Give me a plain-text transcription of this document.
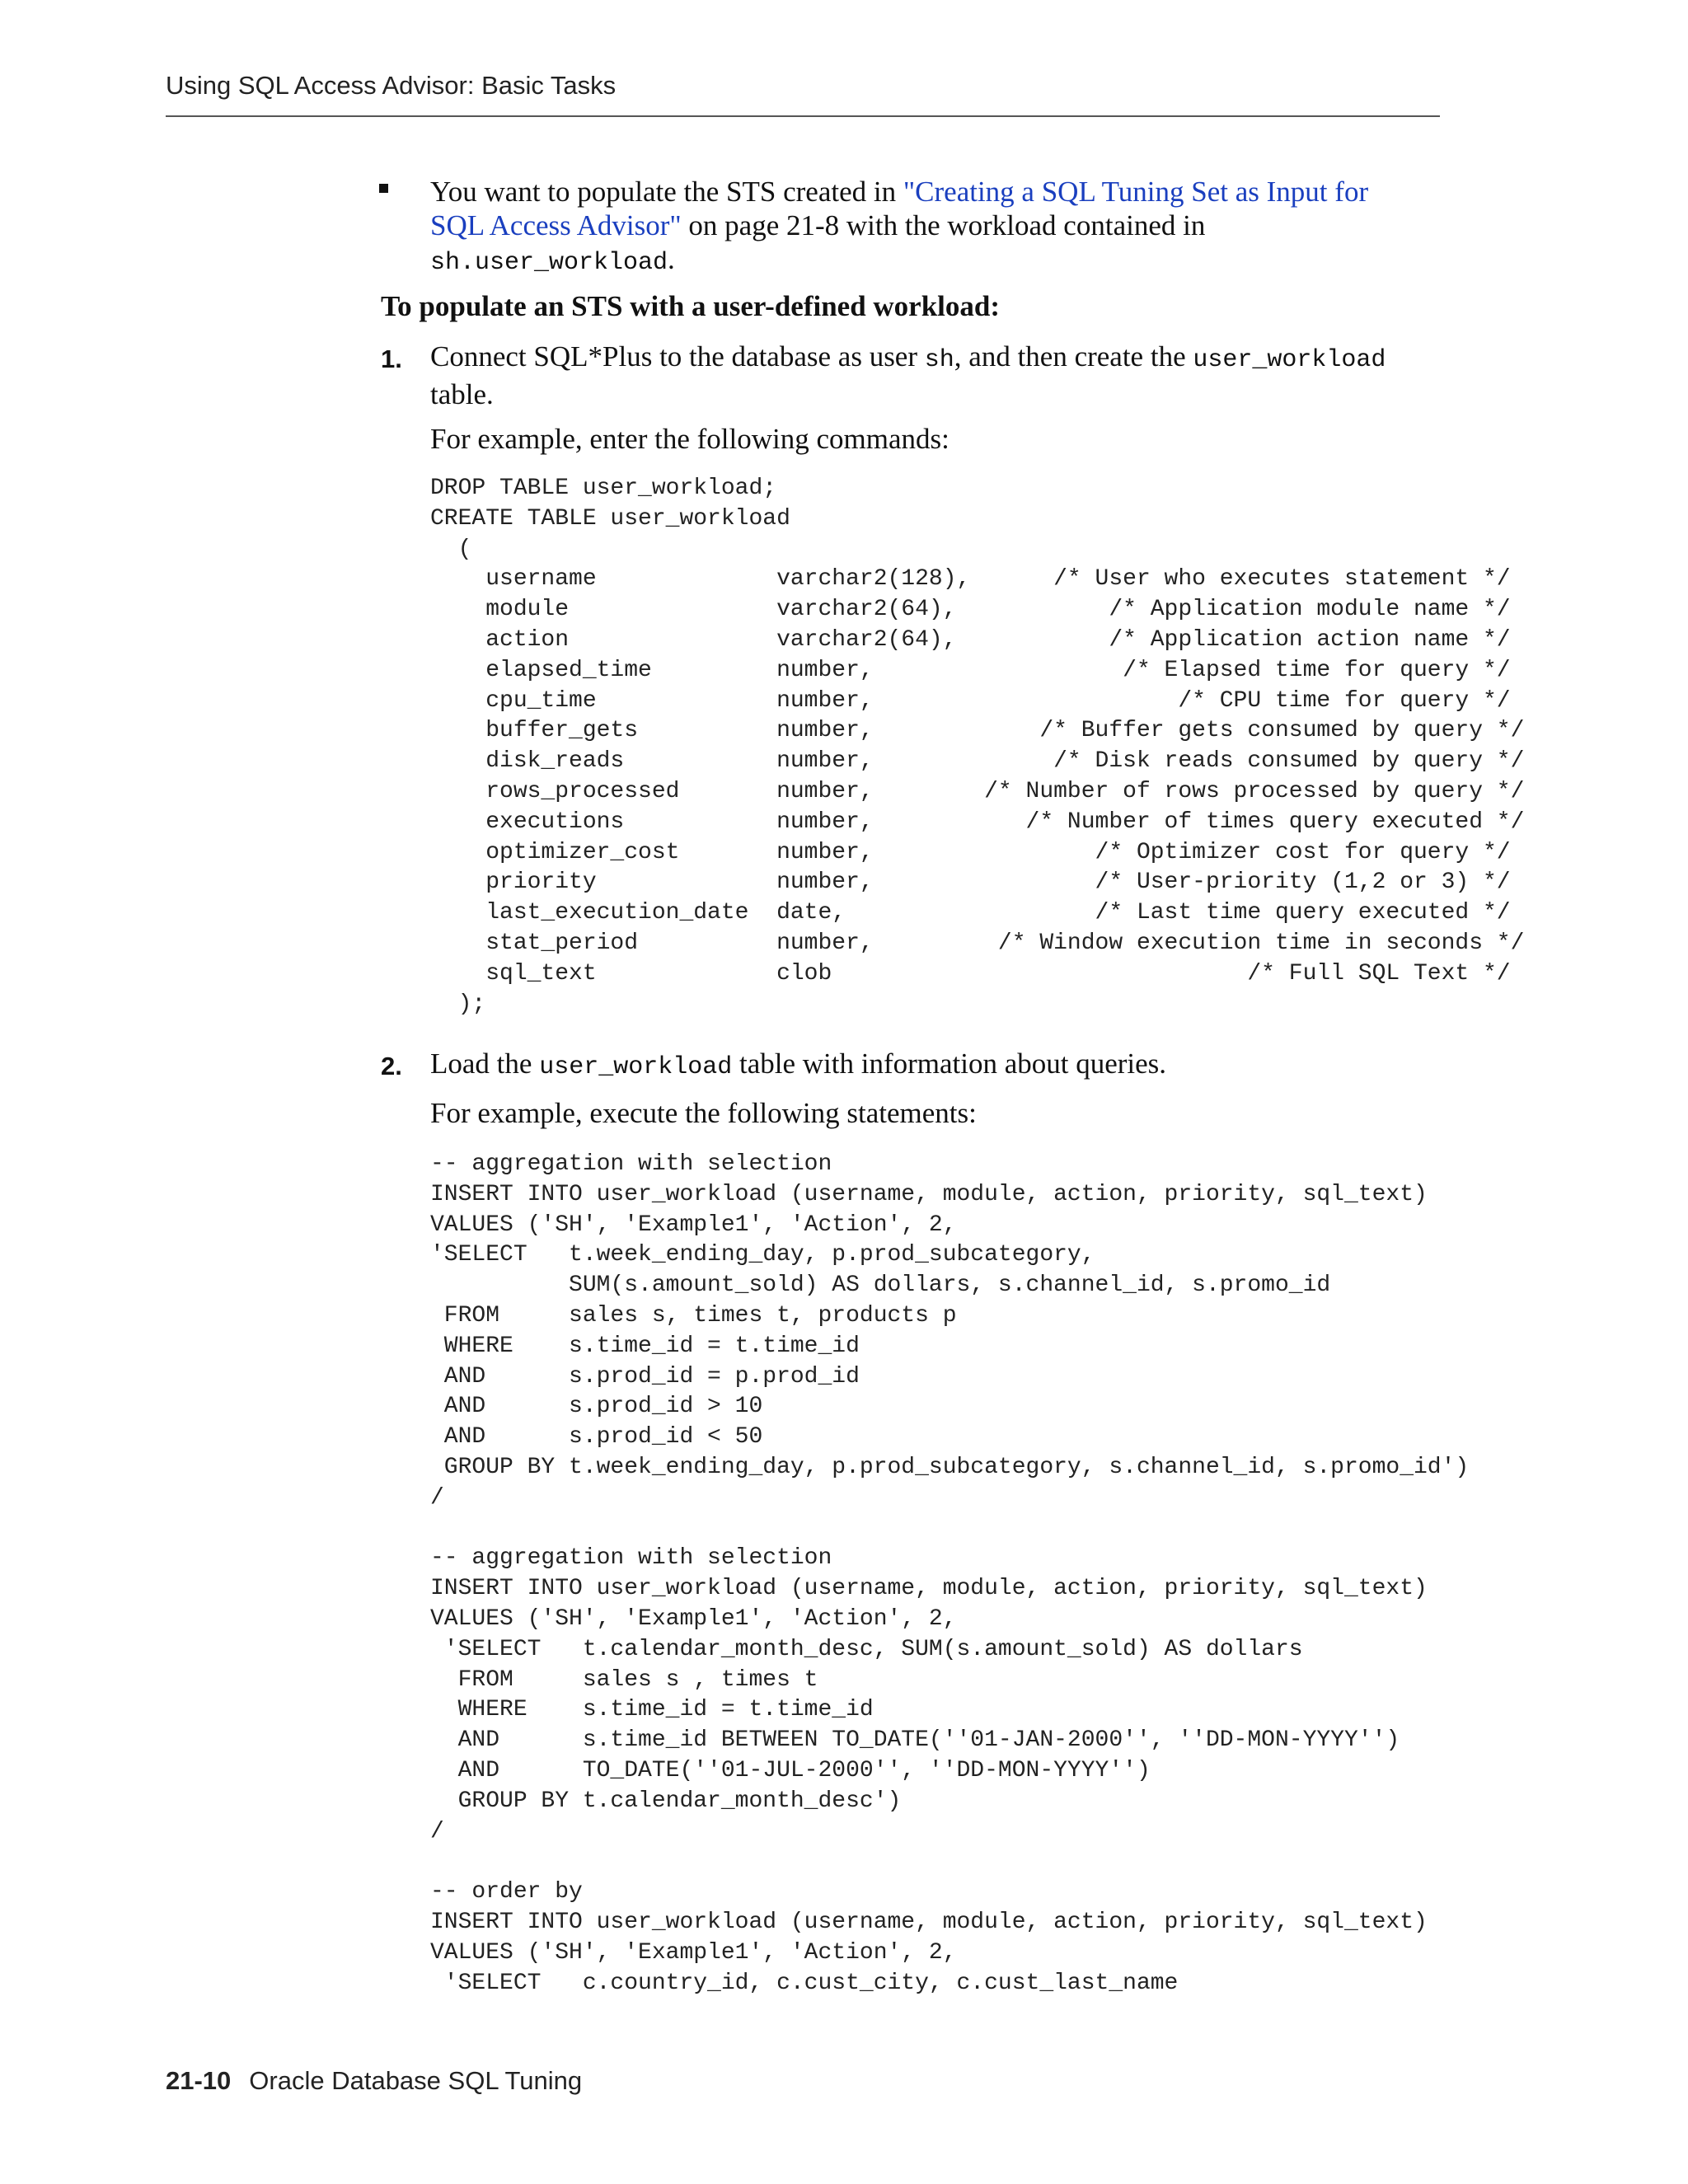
Using SQL Access Advisor: Basic Tasks
You want to populate the STS created in "Creating a SQL Tuning Set as Input for
SQL Access Advisor" on page 21-8 with the workload contained in
sh.user_workload.
To populate an STS with a user-defined workload:
1. Connect SQL*Plus to the database as user sh, and then create the user_workload
table.
For example, enter the following commands:
DROP TABLE user_workload;
CREATE TABLE user_workload
(
username             varchar2(128),      /* User who executes statement */
module               varchar2(64),           /* Application module name */
action               varchar2(64),           /* Application action name */
elapsed_time         number,                  /* Elapsed time for query */
cpu_time             number,                      /* CPU time for query */
buffer_gets          number,            /* Buffer gets consumed by query */
disk_reads           number,             /* Disk reads consumed by query */
rows_processed       number,        /* Number of rows processed by query */
executions           number,           /* Number of times query executed */
optimizer_cost       number,                /* Optimizer cost for query */
priority             number,                /* User-priority (1,2 or 3) */
last_execution_date  date,                  /* Last time query executed */
stat_period          number,         /* Window execution time in seconds */
sql_text             clob                              /* Full SQL Text */
);
2. Load the user_workload table with information about queries.
For example, execute the following statements:
-- aggregation with selection
INSERT INTO user_workload (username, module, action, priority, sql_text)
VALUES ('SH', 'Example1', 'Action', 2,
'SELECT   t.week_ending_day, p.prod_subcategory,
SUM(s.amount_sold) AS dollars, s.channel_id, s.promo_id
FROM     sales s, times t, products p
WHERE    s.time_id = t.time_id
AND      s.prod_id = p.prod_id
AND      s.prod_id > 10
AND      s.prod_id < 50
GROUP BY t.week_ending_day, p.prod_subcategory, s.channel_id, s.promo_id')
/

-- aggregation with selection
INSERT INTO user_workload (username, module, action, priority, sql_text)
VALUES ('SH', 'Example1', 'Action', 2,
'SELECT   t.calendar_month_desc, SUM(s.amount_sold) AS dollars
FROM     sales s , times t
WHERE    s.time_id = t.time_id
AND      s.time_id BETWEEN TO_DATE(''01-JAN-2000'', ''DD-MON-YYYY'')
AND      TO_DATE(''01-JUL-2000'', ''DD-MON-YYYY'')
GROUP BY t.calendar_month_desc')
/

-- order by
INSERT INTO user_workload (username, module, action, priority, sql_text)
VALUES ('SH', 'Example1', 'Action', 2,
'SELECT   c.country_id, c.cust_city, c.cust_last_name
21-10 Oracle Database SQL Tuning
